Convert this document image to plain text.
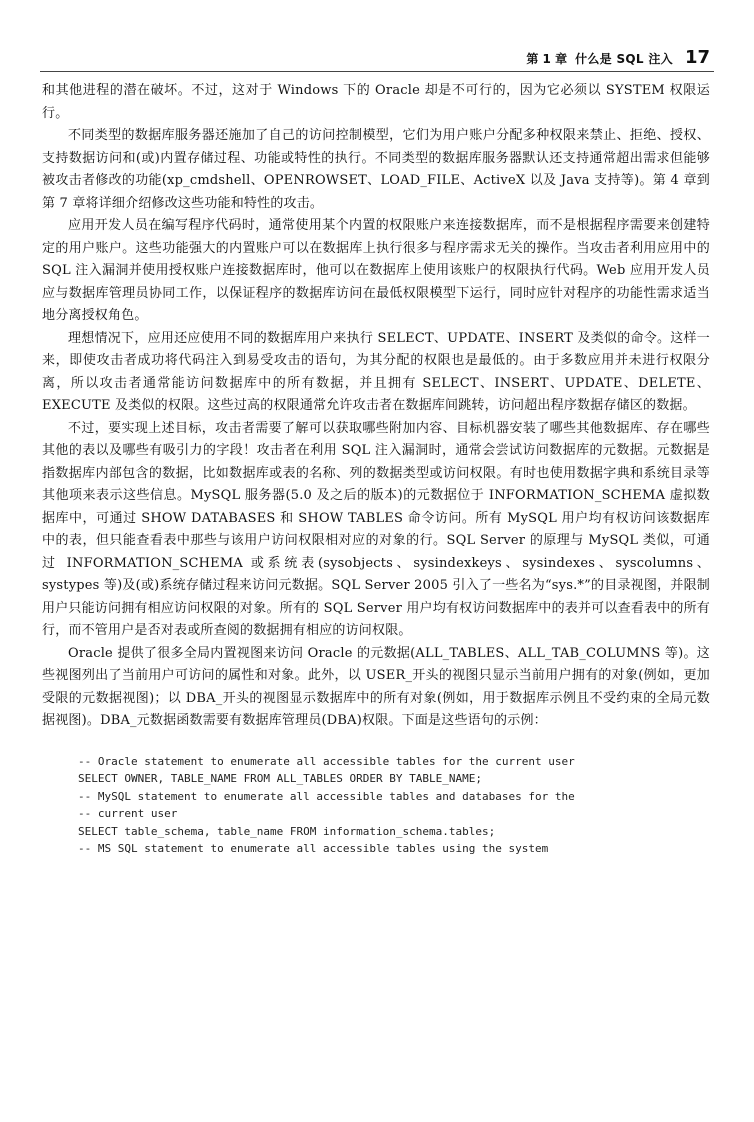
第 1 章 什么是 SQL 注入 17

和其他进程的潜在破坏。不过，这对于 Windows 下的 Oracle 却是不可行的，因为它必须以 SYSTEM 权限运行。

不同类型的数据库服务器还施加了自己的访问控制模型，它们为用户账户分配多种权限来禁止、拒绝、授权、支持数据访问和(或)内置存储过程、功能或特性的执行。不同类型的数据库服务器默认还支持通常超出需求但能够被攻击者修改的功能(xp_cmdshell、OPENROWSET、LOAD_FILE、ActiveX 以及 Java 支持等)。第 4 章到第 7 章将详细介绍修改这些功能和特性的攻击。

应用开发人员在编写程序代码时，通常使用某个内置的权限账户来连接数据库，而不是根据程序需要来创建特定的用户账户。这些功能强大的内置账户可以在数据库上执行很多与程序需求无关的操作。当攻击者利用应用中的 SQL 注入漏洞并使用授权账户连接数据库时，他可以在数据库上使用该账户的权限执行代码。Web 应用开发人员应与数据库管理员协同工作，以保证程序的数据库访问在最低权限模型下运行，同时应针对程序的功能性需求适当地分离授权角色。

理想情况下，应用还应使用不同的数据库用户来执行 SELECT、UPDATE、INSERT 及类似的命令。这样一来，即使攻击者成功将代码注入到易受攻击的语句，为其分配的权限也是最低的。由于多数应用并未进行权限分离，所以攻击者通常能访问数据库中的所有数据，并且拥有 SELECT、INSERT、UPDATE、DELETE、EXECUTE 及类似的权限。这些过高的权限通常允许攻击者在数据库间跳转，访问超出程序数据存储区的数据。

不过，要实现上述目标，攻击者需要了解可以获取哪些附加内容、目标机器安装了哪些其他数据库、存在哪些其他的表以及哪些有吸引力的字段！攻击者在利用 SQL 注入漏洞时，通常会尝试访问数据库的元数据。元数据是指数据库内部包含的数据，比如数据库或表的名称、列的数据类型或访问权限。有时也使用数据字典和系统目录等其他项来表示这些信息。MySQL 服务器(5.0 及之后的版本)的元数据位于 INFORMATION_SCHEMA 虚拟数据库中，可通过 SHOW DATABASES 和 SHOW TABLES 命令访问。所有 MySQL 用户均有权访问该数据库中的表，但只能查看表中那些与该用户访问权限相对应的对象的行。SQL Server 的原理与 MySQL 类似，可通过 INFORMATION_SCHEMA 或系统表(sysobjects、sysindexkeys、sysindexes、syscolumns、systypes 等)及(或)系统存储过程来访问元数据。SQL Server 2005 引入了一些名为“sys.*”的目录视图，并限制用户只能访问拥有相应访问权限的对象。所有的 SQL Server 用户均有权访问数据库中的表并可以查看表中的所有行，而不管用户是否对表或所查阅的数据拥有相应的访问权限。

Oracle 提供了很多全局内置视图来访问 Oracle 的元数据(ALL_TABLES、ALL_TAB_COLUMNS 等)。这些视图列出了当前用户可访问的属性和对象。此外，以 USER_开头的视图只显示当前用户拥有的对象(例如，更加受限的元数据视图)；以 DBA_开头的视图显示数据库中的所有对象(例如，用于数据库示例且不受约束的全局元数据视图)。DBA_元数据函数需要有数据库管理员(DBA)权限。下面是这些语句的示例：

-- Oracle statement to enumerate all accessible tables for the current user
SELECT OWNER, TABLE_NAME FROM ALL_TABLES ORDER BY TABLE_NAME;
-- MySQL statement to enumerate all accessible tables and databases for the
-- current user
SELECT table_schema, table_name FROM information_schema.tables;
-- MS SQL statement to enumerate all accessible tables using the system
